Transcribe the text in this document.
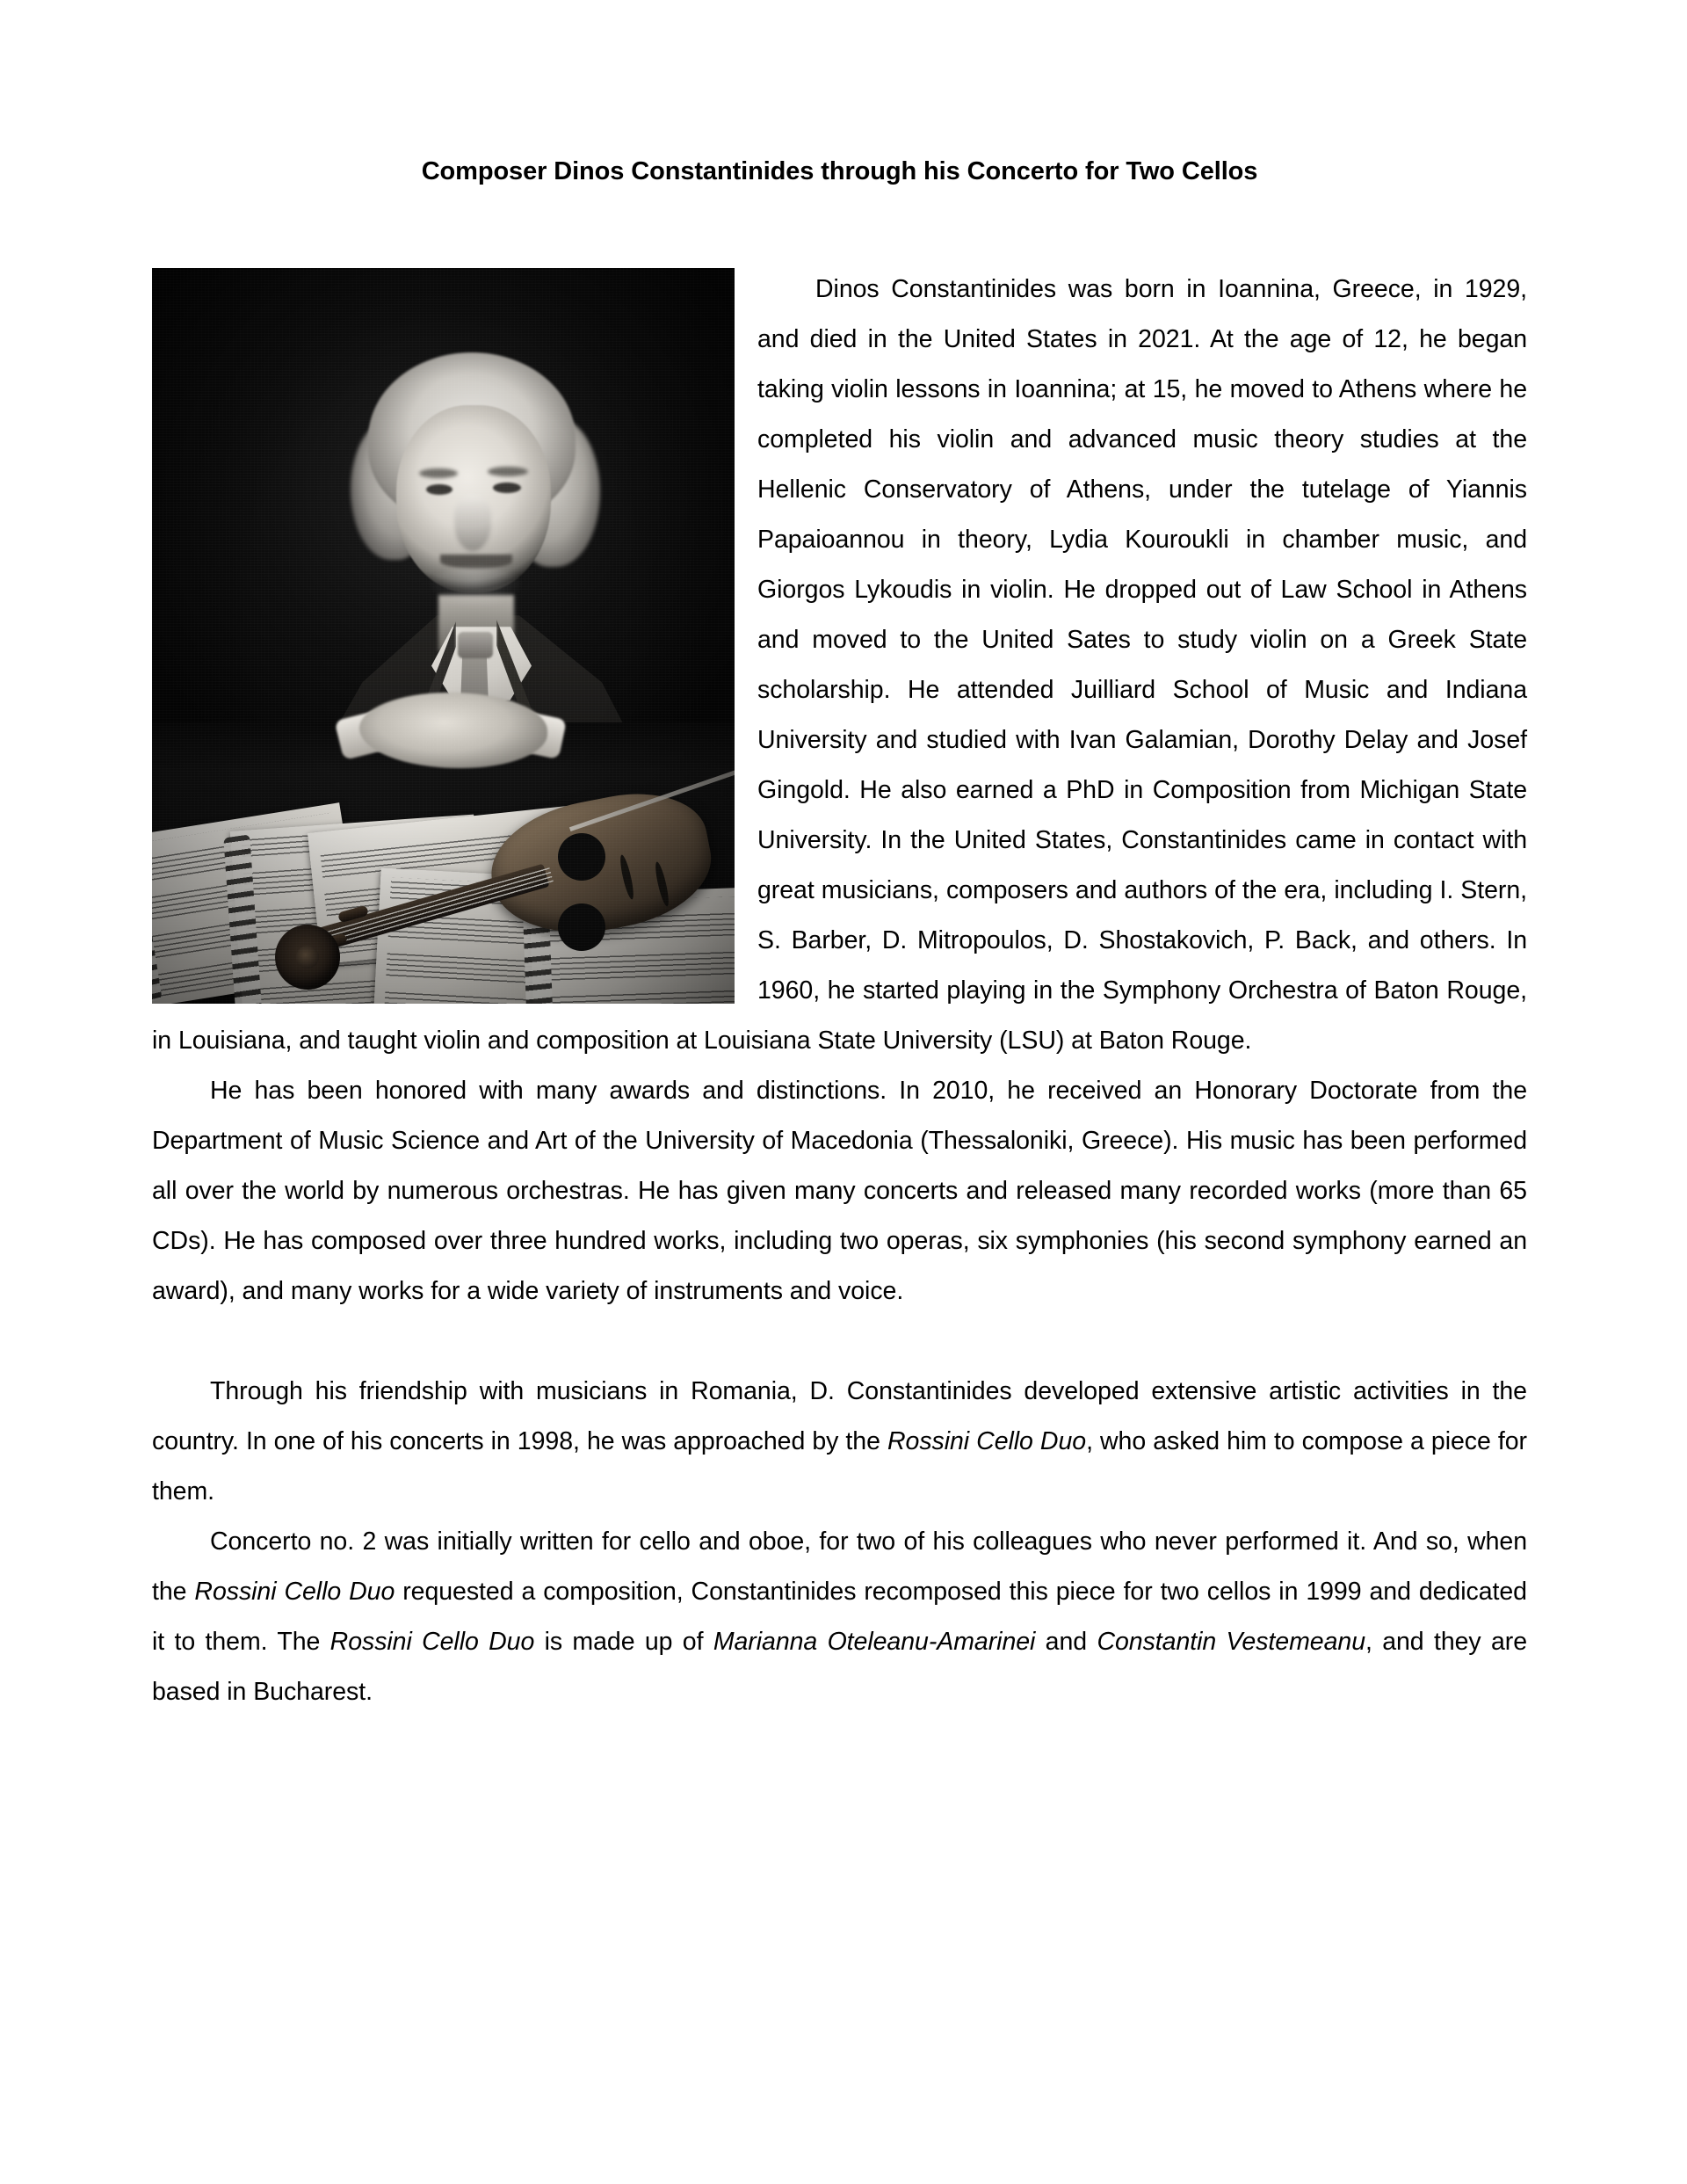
Composer Dinos Constantinides through his Concerto for Two Cellos

Dinos Constantinides was born in Ioannina, Greece, in 1929, and died in the United States in 2021. At the age of 12, he began taking violin lessons in Ioannina; at 15, he moved to Athens where he completed his violin and advanced music theory studies at the Hellenic Conservatory of Athens, under the tutelage of Yiannis Papaioannou in theory, Lydia Kouroukli in chamber music, and Giorgos Lykoudis in violin. He dropped out of Law School in Athens and moved to the United Sates to study violin on a Greek State scholarship. He attended Juilliard School of Music and Indiana University and studied with Ivan Galamian, Dorothy Delay and Josef Gingold. He also earned a PhD in Composition from Michigan State University. In the United States, Constantinides came in contact with great musicians, composers and authors of the era, including I. Stern, S. Barber, D. Mitropoulos, D. Shostakovich, P. Back, and others. In 1960, he started playing in the Symphony Orchestra of Baton Rouge, in Louisiana, and taught violin and composition at Louisiana State University (LSU) at Baton Rouge.

He has been honored with many awards and distinctions. In 2010, he received an Honorary Doctorate from the Department of Music Science and Art of the University of Macedonia (Thessaloniki, Greece). His music has been performed all over the world by numerous orchestras. He has given many concerts and released many recorded works (more than 65 CDs). He has composed over three hundred works, including two operas, six symphonies (his second symphony earned an award), and many works for a wide variety of instruments and voice.

Through his friendship with musicians in Romania, D. Constantinides developed extensive artistic activities in the country. In one of his concerts in 1998, he was approached by the Rossini Cello Duo, who asked him to compose a piece for them.

Concerto no. 2 was initially written for cello and oboe, for two of his colleagues who never performed it. And so, when the Rossini Cello Duo requested a composition, Constantinides recomposed this piece for two cellos in 1999 and dedicated it to them. The Rossini Cello Duo is made up of Marianna Oteleanu-Amarinei and Constantin Vestemeanu, and they are based in Bucharest.
